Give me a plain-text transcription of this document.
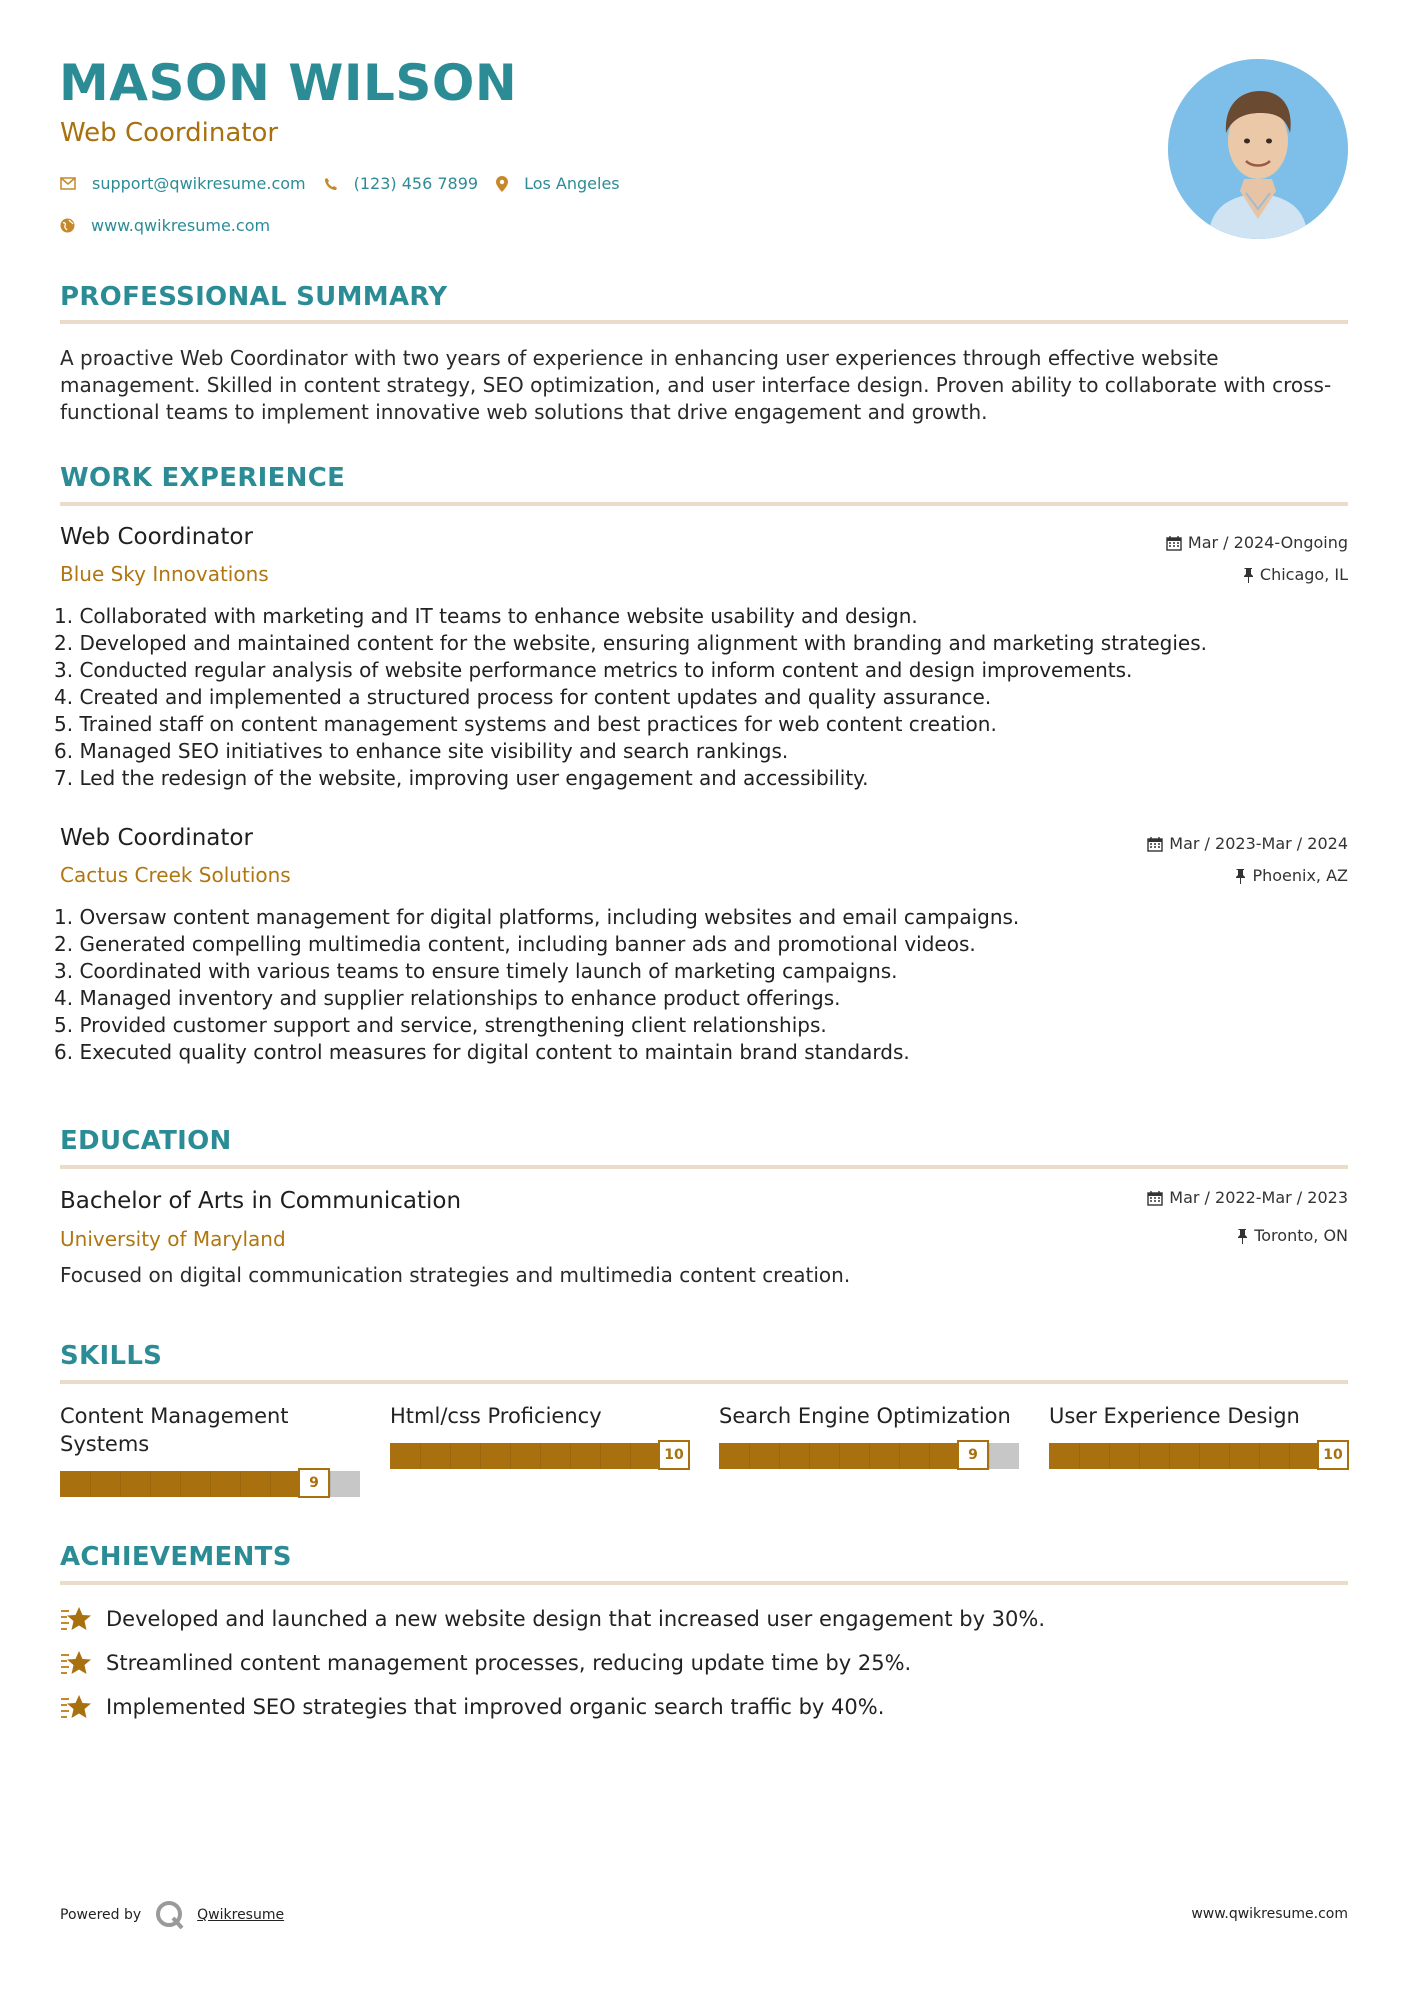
MASON WILSON
Web Coordinator
support@qwikresume.com	(123) 456 7899	Los Angeles
www.qwikresume.com
PROFESSIONAL SUMMARY
A proactive Web Coordinator with two years of experience in enhancing user experiences through effective website management. Skilled in content strategy, SEO optimization, and user interface design. Proven ability to collaborate with cross-functional teams to implement innovative web solutions that drive engagement and growth.
WORK EXPERIENCE
Web Coordinator
Blue Sky Innovations
Mar / 2024-Ongoing
Chicago, IL
1. Collaborated with marketing and IT teams to enhance website usability and design.
2. Developed and maintained content for the website, ensuring alignment with branding and marketing strategies.
3. Conducted regular analysis of website performance metrics to inform content and design improvements.
4. Created and implemented a structured process for content updates and quality assurance.
5. Trained staff on content management systems and best practices for web content creation.
6. Managed SEO initiatives to enhance site visibility and search rankings.
7. Led the redesign of the website, improving user engagement and accessibility.
Web Coordinator
Cactus Creek Solutions
Mar / 2023-Mar / 2024
Phoenix, AZ
1. Oversaw content management for digital platforms, including websites and email campaigns.
2. Generated compelling multimedia content, including banner ads and promotional videos.
3. Coordinated with various teams to ensure timely launch of marketing campaigns.
4. Managed inventory and supplier relationships to enhance product offerings.
5. Provided customer support and service, strengthening client relationships.
6. Executed quality control measures for digital content to maintain brand standards.
EDUCATION
Bachelor of Arts in Communication
University of Maryland
Mar / 2022-Mar / 2023
Toronto, ON
Focused on digital communication strategies and multimedia content creation.
SKILLS
Content Management Systems
9
Html/css Proficiency
10
Search Engine Optimization
9
User Experience Design
10
ACHIEVEMENTS
Developed and launched a new website design that increased user engagement by 30%.
Streamlined content management processes, reducing update time by 25%.
Implemented SEO strategies that improved organic search traffic by 40%.
Powered by	Qwikresume	www.qwikresume.com
